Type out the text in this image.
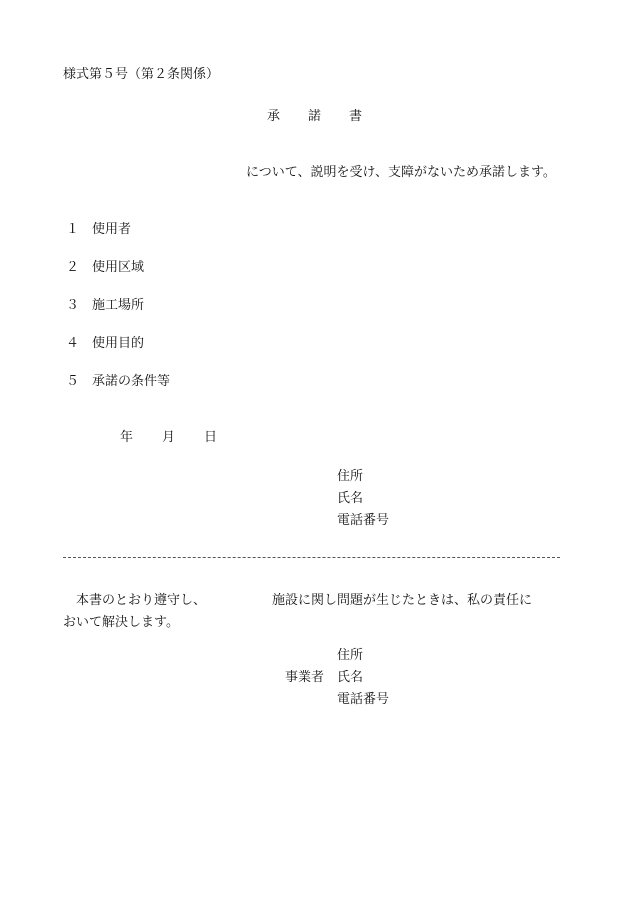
様式第５号（第２条関係）
承諾書
について、説明を受け、支障がないため承諾します。
１ 使用者
２ 使用区域
３ 施工場所
４ 使用目的
５ 承諾の条件等
年 月 日
住所
氏名
電話番号
本書のとおり遵守し、	施設に関し問題が生じたときは、私の責任に
おいて解決します。
住所
事業者 氏名
電話番号
